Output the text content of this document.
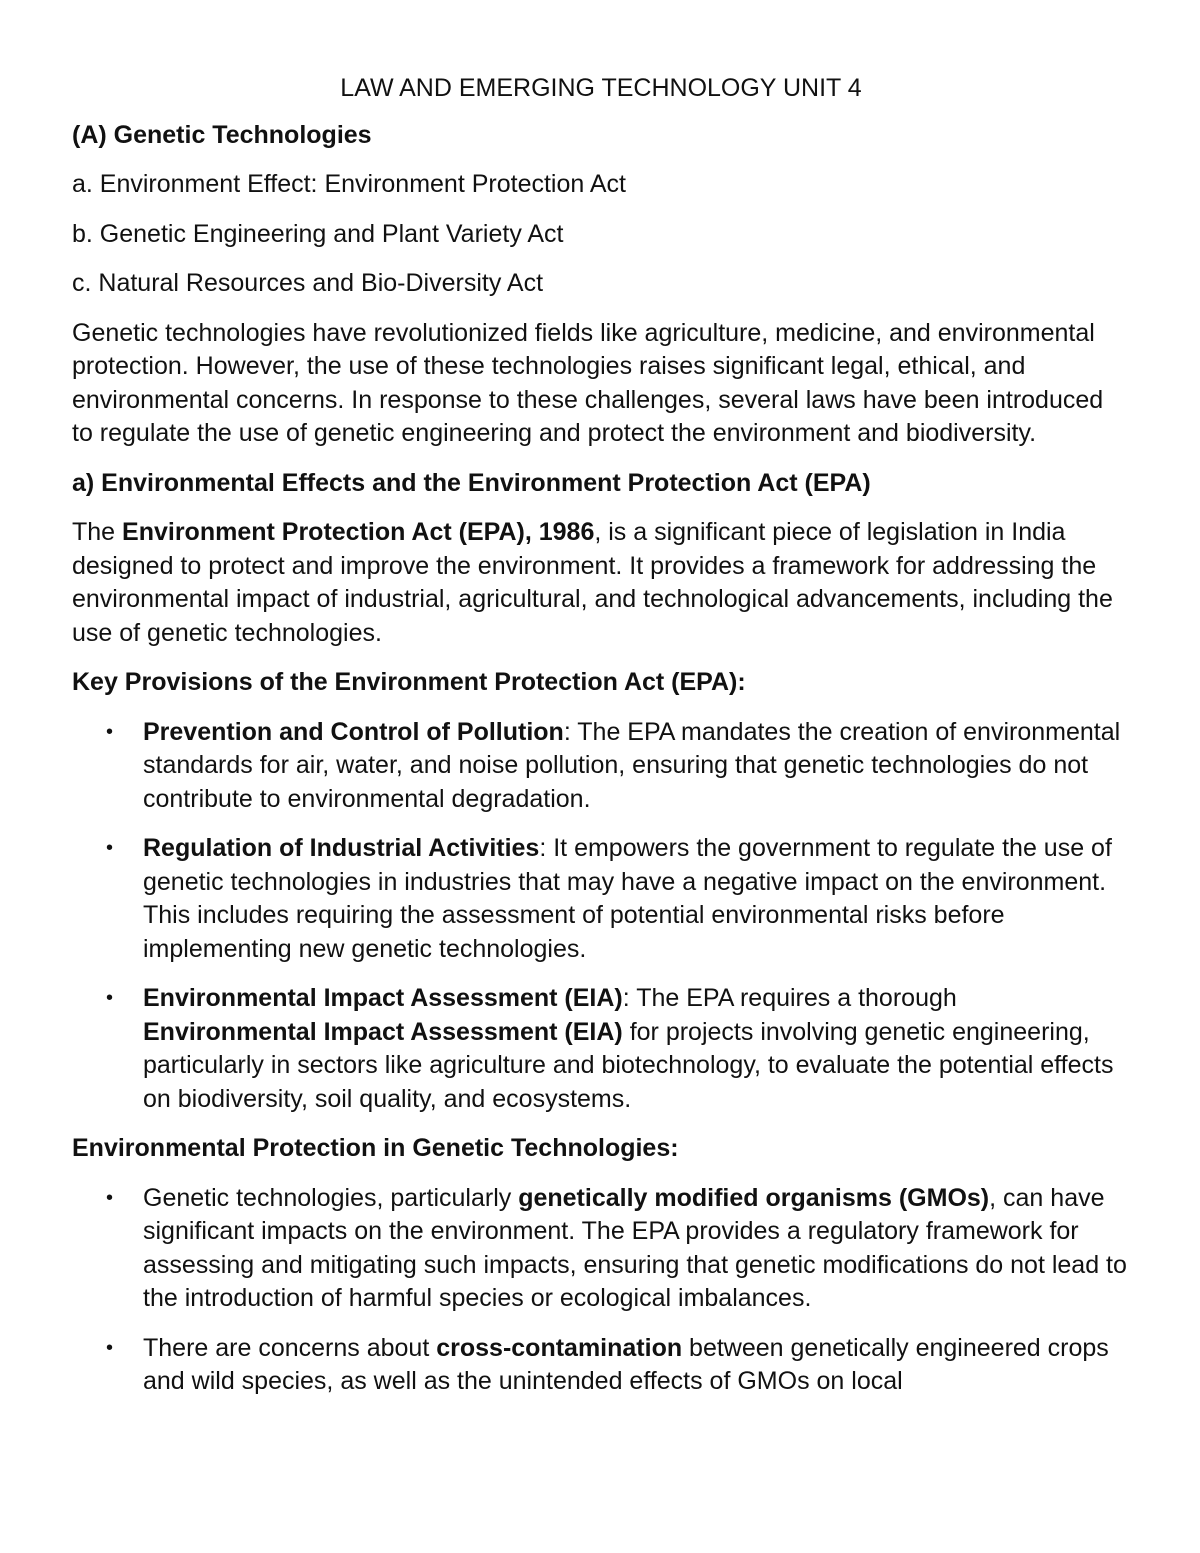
LAW AND EMERGING TECHNOLOGY UNIT 4

(A) Genetic Technologies

a. Environment Effect: Environment Protection Act

b. Genetic Engineering and Plant Variety Act

c. Natural Resources and Bio-Diversity Act

Genetic technologies have revolutionized fields like agriculture, medicine, and environmental protection. However, the use of these technologies raises significant legal, ethical, and environmental concerns. In response to these challenges, several laws have been introduced to regulate the use of genetic engineering and protect the environment and biodiversity.

a) Environmental Effects and the Environment Protection Act (EPA)

The Environment Protection Act (EPA), 1986, is a significant piece of legislation in India designed to protect and improve the environment. It provides a framework for addressing the environmental impact of industrial, agricultural, and technological advancements, including the use of genetic technologies.

Key Provisions of the Environment Protection Act (EPA):

• Prevention and Control of Pollution: The EPA mandates the creation of environmental standards for air, water, and noise pollution, ensuring that genetic technologies do not contribute to environmental degradation.
• Regulation of Industrial Activities: It empowers the government to regulate the use of genetic technologies in industries that may have a negative impact on the environment. This includes requiring the assessment of potential environmental risks before implementing new genetic technologies.
• Environmental Impact Assessment (EIA): The EPA requires a thorough Environmental Impact Assessment (EIA) for projects involving genetic engineering, particularly in sectors like agriculture and biotechnology, to evaluate the potential effects on biodiversity, soil quality, and ecosystems.

Environmental Protection in Genetic Technologies:

• Genetic technologies, particularly genetically modified organisms (GMOs), can have significant impacts on the environment. The EPA provides a regulatory framework for assessing and mitigating such impacts, ensuring that genetic modifications do not lead to the introduction of harmful species or ecological imbalances.
• There are concerns about cross-contamination between genetically engineered crops and wild species, as well as the unintended effects of GMOs on local
